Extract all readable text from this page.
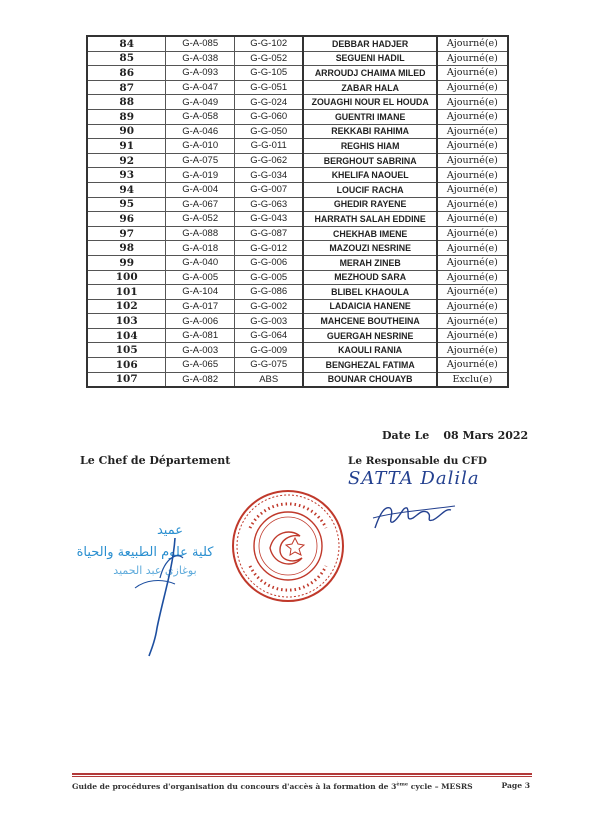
84	G-A-085	G-G-102	DEBBAR HADJER	Ajourné(e)
85	G-A-038	G-G-052	SEGUENI HADIL	Ajourné(e)
86	G-A-093	G-G-105	ARROUDJ CHAIMA MILED	Ajourné(e)
87	G-A-047	G-G-051	ZABAR HALA	Ajourné(e)
88	G-A-049	G-G-024	ZOUAGHI NOUR EL HOUDA	Ajourné(e)
89	G-A-058	G-G-060	GUENTRI IMANE	Ajourné(e)
90	G-A-046	G-G-050	REKKABI RAHIMA	Ajourné(e)
91	G-A-010	G-G-011	REGHIS HIAM	Ajourné(e)
92	G-A-075	G-G-062	BERGHOUT SABRINA	Ajourné(e)
93	G-A-019	G-G-034	KHELIFA NAOUEL	Ajourné(e)
94	G-A-004	G-G-007	LOUCIF RACHA	Ajourné(e)
95	G-A-067	G-G-063	GHEDIR RAYENE	Ajourné(e)
96	G-A-052	G-G-043	HARRATH SALAH EDDINE	Ajourné(e)
97	G-A-088	G-G-087	CHEKHAB IMENE	Ajourné(e)
98	G-A-018	G-G-012	MAZOUZI NESRINE	Ajourné(e)
99	G-A-040	G-G-006	MERAH ZINEB	Ajourné(e)
100	G-A-005	G-G-005	MEZHOUD SARA	Ajourné(e)
101	G-A-104	G-G-086	BLIBEL KHAOULA	Ajourné(e)
102	G-A-017	G-G-002	LADAICIA HANENE	Ajourné(e)
103	G-A-006	G-G-003	MAHCENE BOUTHEINA	Ajourné(e)
104	G-A-081	G-G-064	GUERGAH NESRINE	Ajourné(e)
105	G-A-003	G-G-009	KAOULI RANIA	Ajourné(e)
106	G-A-065	G-G-075	BENGHEZAL FATIMA	Ajourné(e)
107	G-A-082	ABS	BOUNAR CHOUAYB	Exclu(e)
Date Le 08 Mars 2022
Le Chef de Département	Le Responsable du CFD
SATTA Dalila
عميد
كلية علوم الطبيعة والحياة
بوغازي عبد الحميد
Guide de procédures d'organisation du concours d'accès à la formation de 3ème cycle – MESRS	Page 3
